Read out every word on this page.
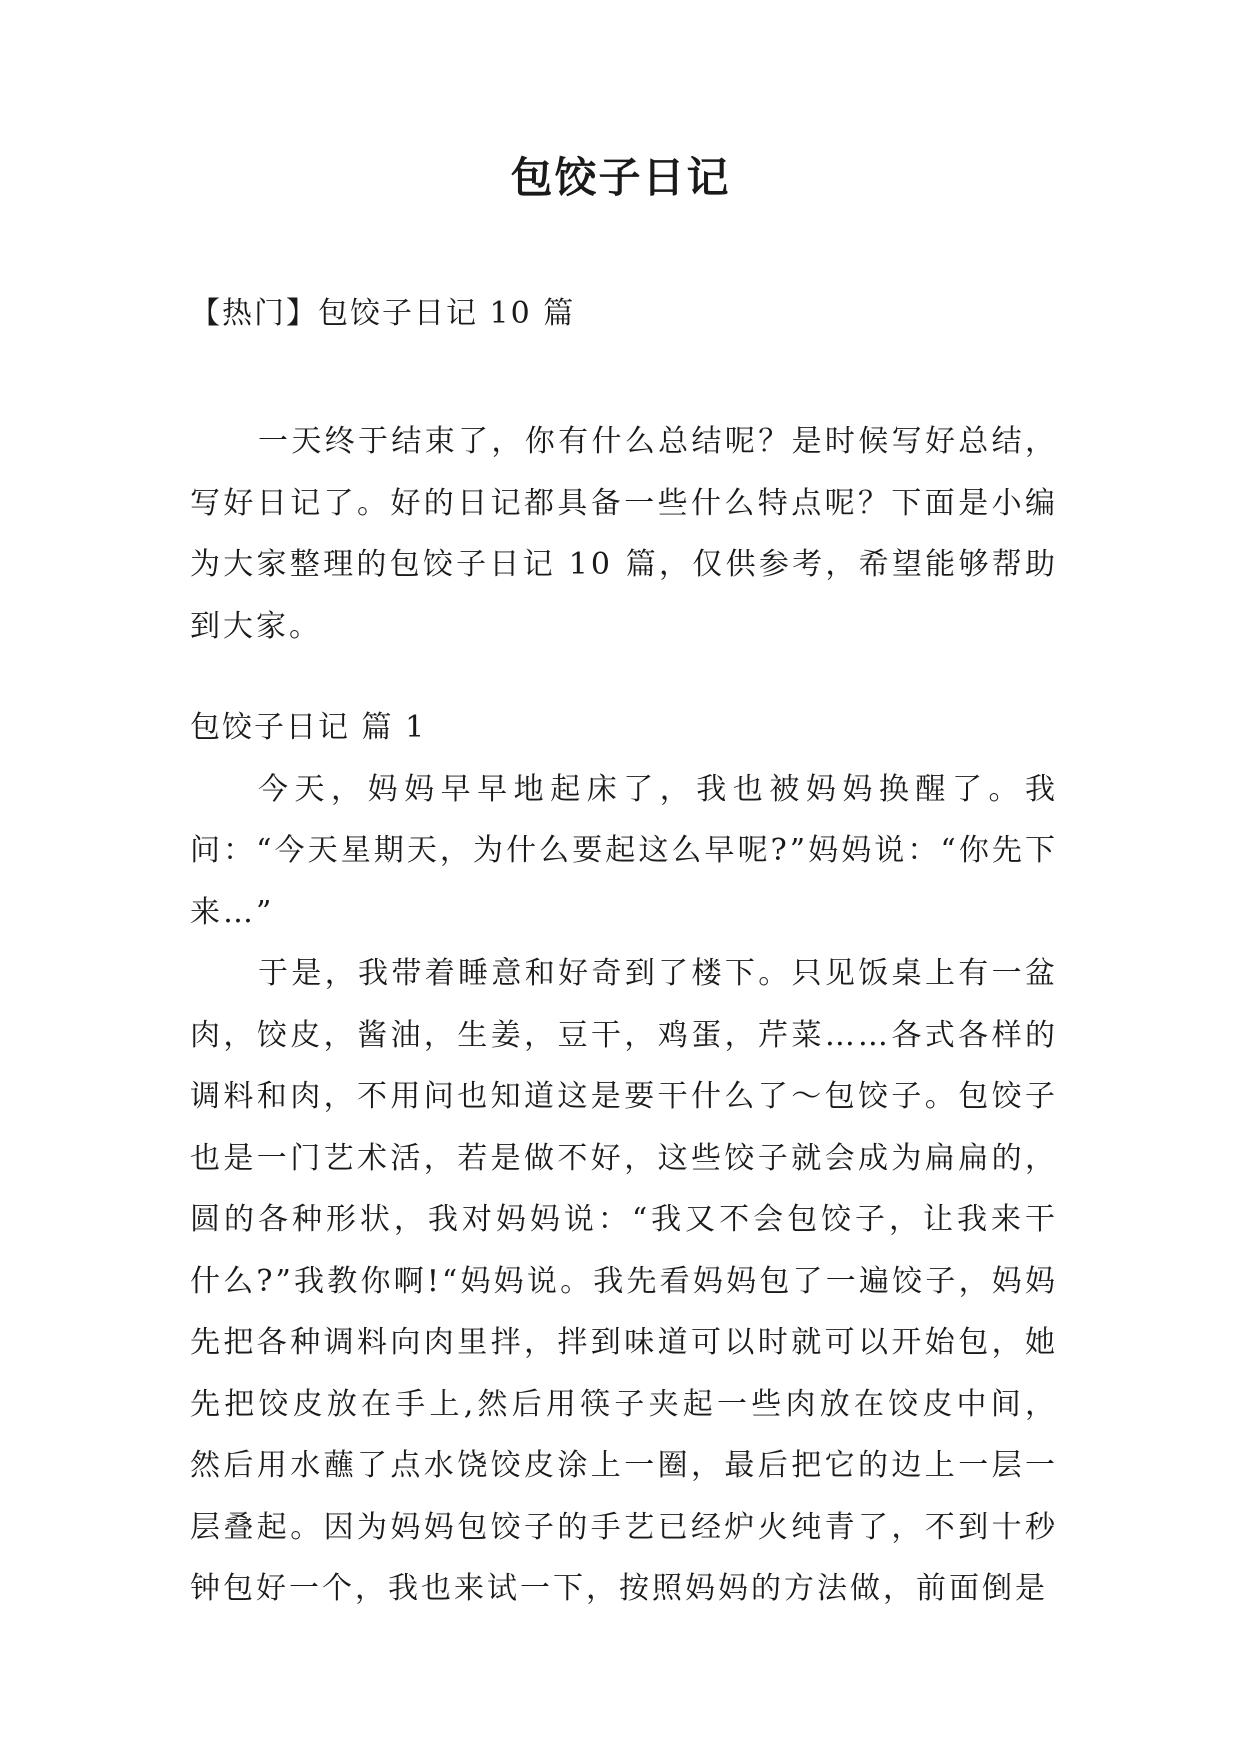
包饺子日记

【热门】包饺子日记 10 篇

一天终于结束了，你有什么总结呢？是时候写好总结，写好日记了。好的日记都具备一些什么特点呢？下面是小编为大家整理的包饺子日记 10 篇，仅供参考，希望能够帮助到大家。

包饺子日记 篇 1

今天，妈妈早早地起床了，我也被妈妈换醒了。我问：“今天星期天，为什么要起这么早呢?”妈妈说：“你先下来…”

于是，我带着睡意和好奇到了楼下。只见饭桌上有一盆肉，饺皮，酱油，生姜，豆干，鸡蛋，芹菜……各式各样的调料和肉，不用问也知道这是要干什么了～包饺子。包饺子也是一门艺术活，若是做不好，这些饺子就会成为扁扁的，圆的各种形状，我对妈妈说：“我又不会包饺子，让我来干什么?”我教你啊!“妈妈说。我先看妈妈包了一遍饺子，妈妈先把各种调料向肉里拌，拌到味道可以时就可以开始包，她先把饺皮放在手上,然后用筷子夹起一些肉放在饺皮中间，然后用水蘸了点水饶饺皮涂上一圈，最后把它的边上一层一层叠起。因为妈妈包饺子的手艺已经炉火纯青了，不到十秒钟包好一个，我也来试一下，按照妈妈的方法做，前面倒是
